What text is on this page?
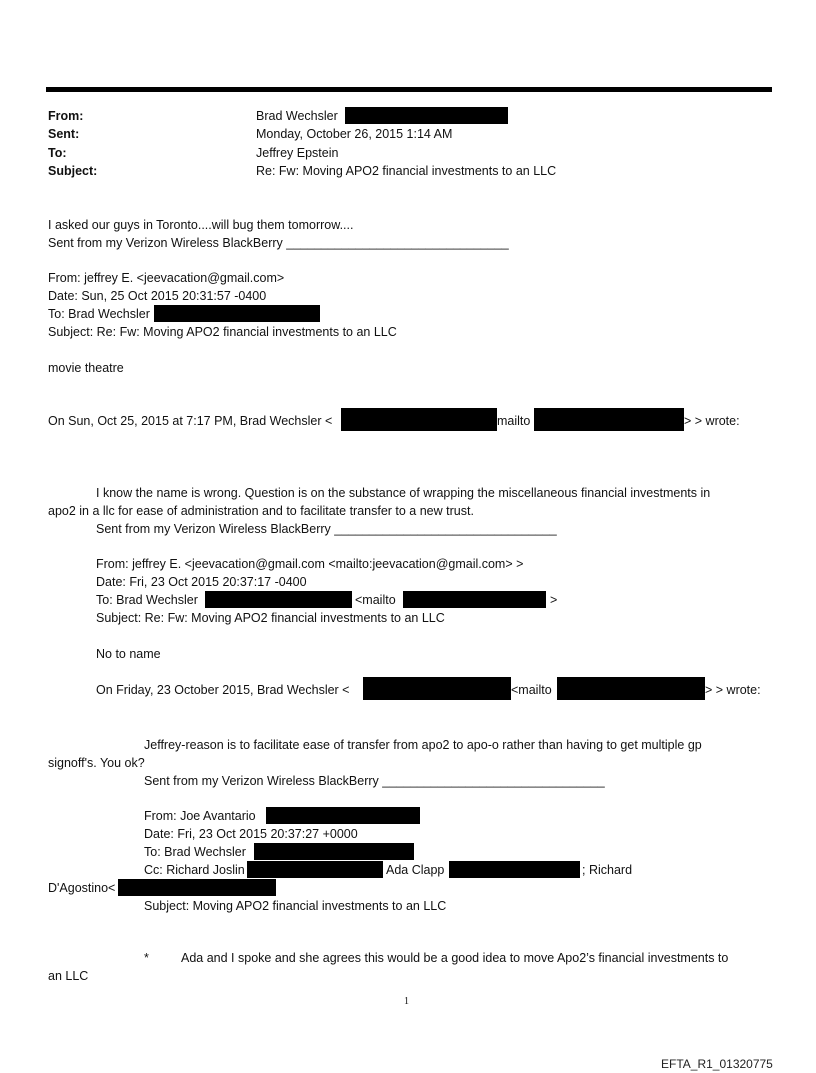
From:	Brad Wechsler
Sent:	Monday, October 26, 2015 1:14 AM
To:	Jeffrey Epstein
Subject:	Re: Fw: Moving APO2 financial investments to an LLC
I asked our guys in Toronto....will bug them tomorrow....
Sent from my Verizon Wireless BlackBerry ________________________________
From: jeffrey E. <jeevacation@gmail.com>
Date: Sun, 25 Oct 2015 20:31:57 -0400
To: Brad Wechsler
Subject: Re: Fw: Moving APO2 financial investments to an LLC
movie theatre
On Sun, Oct 25, 2015 at 7:17 PM, Brad Wechsler <	mailto	> > wrote:
I know the name is wrong. Question is on the substance of wrapping the miscellaneous financial investments in
apo2 in a llc for ease of administration and to facilitate transfer to a new trust.
Sent from my Verizon Wireless BlackBerry ________________________________
From: jeffrey E. <jeevacation@gmail.com <mailto:jeevacation@gmail.com> >
Date: Fri, 23 Oct 2015 20:37:17 -0400
To: Brad Wechsler	<mailto	>
Subject: Re: Fw: Moving APO2 financial investments to an LLC
No to name
On Friday, 23 October 2015, Brad Wechsler <	<mailto	> > wrote:
Jeffrey-reason is to facilitate ease of transfer from apo2 to apo-o rather than having to get multiple gp
signoff's. You ok?
Sent from my Verizon Wireless BlackBerry ________________________________
From: Joe Avantario
Date: Fri, 23 Oct 2015 20:37:27 +0000
To: Brad Wechsler
Cc: Richard Joslin	Ada Clapp	; Richard
D'Agostino<
Subject: Moving APO2 financial investments to an LLC
*	Ada and I spoke and she agrees this would be a good idea to move Apo2’s financial investments to
an LLC
1
EFTA_R1_01320775
